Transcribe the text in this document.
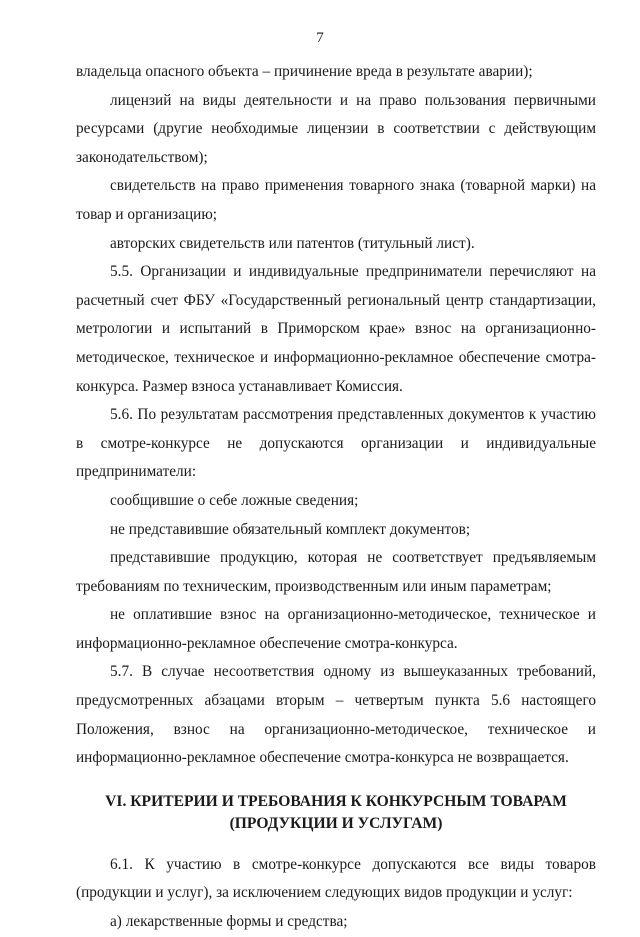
7

владельца опасного объекта – причинение вреда в результате аварии);

лицензий на виды деятельности и на право пользования первичными ресурсами (другие необходимые лицензии в соответствии с действующим законодательством);

свидетельств на право применения товарного знака (товарной марки) на товар и организацию;

авторских свидетельств или патентов (титульный лист).

5.5. Организации и индивидуальные предприниматели перечисляют на расчетный счет ФБУ «Государственный региональный центр стандартизации, метрологии и испытаний в Приморском крае» взнос на организационно-методическое, техническое и информационно-рекламное обеспечение смотра-конкурса. Размер взноса устанавливает Комиссия.

5.6. По результатам рассмотрения представленных документов к участию в смотре-конкурсе не допускаются организации и индивидуальные предприниматели:

сообщившие о себе ложные сведения;

не представившие обязательный комплект документов;

представившие продукцию, которая не соответствует предъявляемым требованиям по техническим, производственным или иным параметрам;

не оплатившие взнос на организационно-методическое, техническое и информационно-рекламное обеспечение смотра-конкурса.

5.7. В случае несоответствия одному из вышеуказанных требований, предусмотренных абзацами вторым – четвертым пункта 5.6 настоящего Положения, взнос на организационно-методическое, техническое и информационно-рекламное обеспечение смотра-конкурса не возвращается.

VI. КРИТЕРИИ И ТРЕБОВАНИЯ К КОНКУРСНЫМ ТОВАРАМ
(ПРОДУКЦИИ И УСЛУГАМ)

6.1. К участию в смотре-конкурсе допускаются все виды товаров (продукции и услуг), за исключением следующих видов продукции и услуг:

а) лекарственные формы и средства;
